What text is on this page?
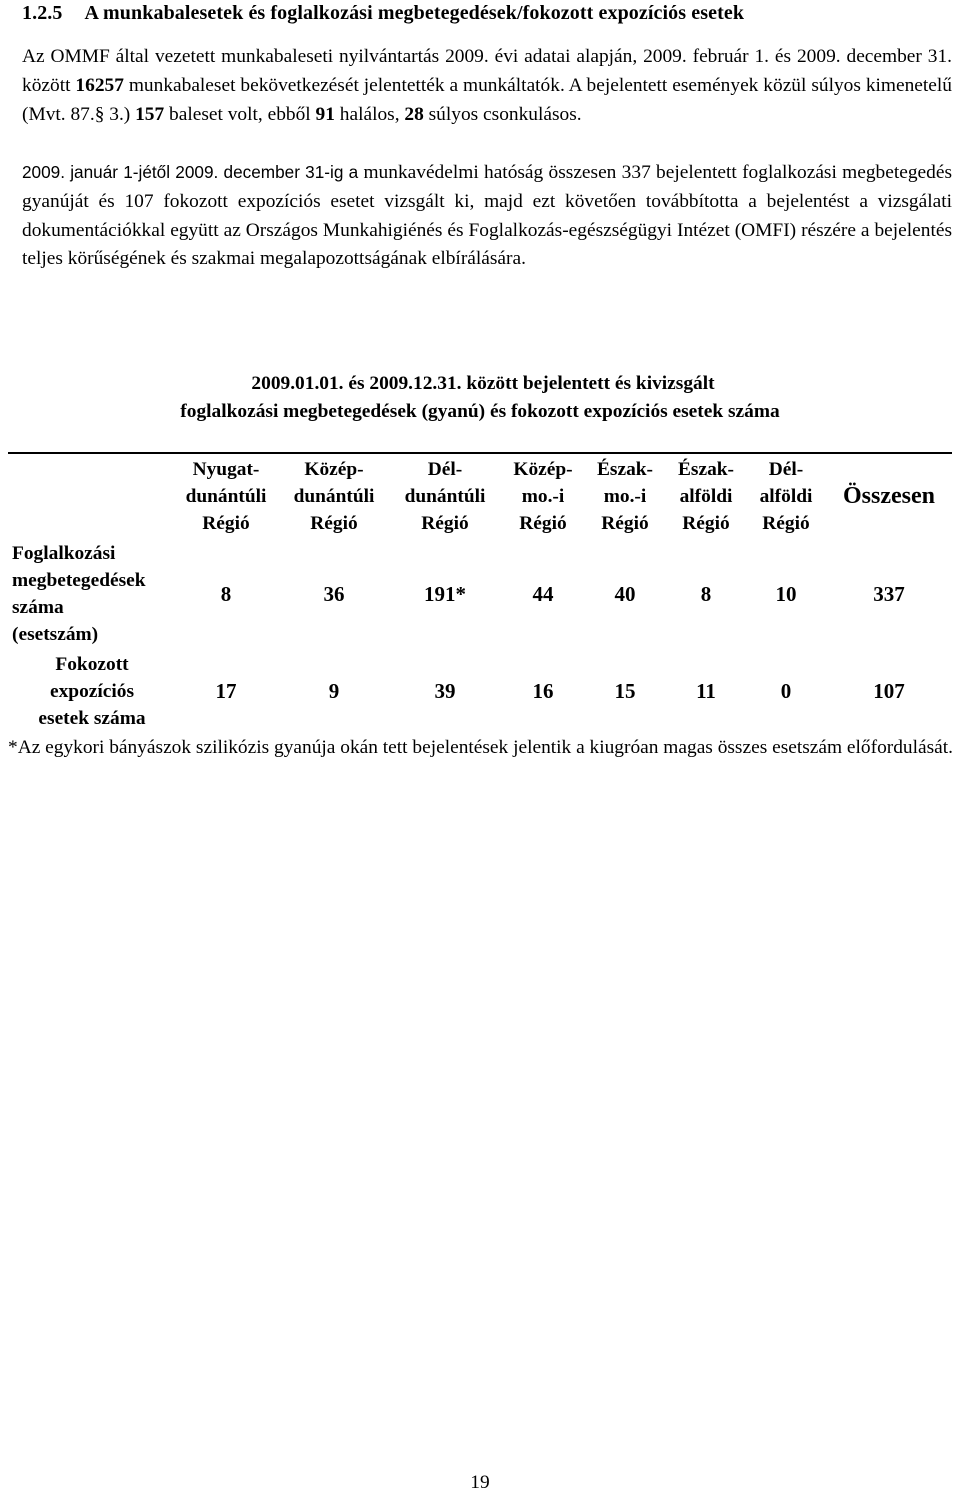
1.2.5 A munkabalesetek és foglalkozási megbetegedések/fokozott expozíciós esetek

Az OMMF által vezetett munkabaleseti nyilvántartás 2009. évi adatai alapján, 2009. február 1. és 2009. december 31. között 16257 munkabaleset bekövetkezését jelentették a munkáltatók. A bejelentett események közül súlyos kimenetelű (Mvt. 87.§ 3.) 157 baleset volt, ebből 91 halálos, 28 súlyos csonkulásos.

2009. január 1-jétől 2009. december 31-ig a munkavédelmi hatóság összesen 337 bejelentett foglalkozási megbetegedés gyanúját és 107 fokozott expozíciós esetet vizsgált ki, majd ezt követően továbbította a bejelentést a vizsgálati dokumentációkkal együtt az Országos Munkahigiénés és Foglalkozás-egészségügyi Intézet (OMFI) részére a bejelentés teljes körűségének és szakmai megalapozottságának elbírálására.

2009.01.01. és 2009.12.31. között bejelentett és kivizsgált
foglalkozási megbetegedések (gyanú) és fokozott expozíciós esetek száma
	Nyugat-
dunántúli
Régió	Közép-
dunántúli
Régió	Dél-
dunántúli
Régió	Közép-
mo.-i
Régió	Észak-
mo.-i
Régió	Észak-
alföldi
Régió	Dél-
alföldi
Régió	Összesen
Foglalkozási
megbetegedések
száma
(esetszám)	8	36	191*	44	40	8	10	337
Fokozott
expozíciós
esetek száma	17	9	39	16	15	11	0	107
*Az egykori bányászok szilikózis gyanúja okán tett bejelentések jelentik a kiugróan magas összes esetszám előfordulását.
19
